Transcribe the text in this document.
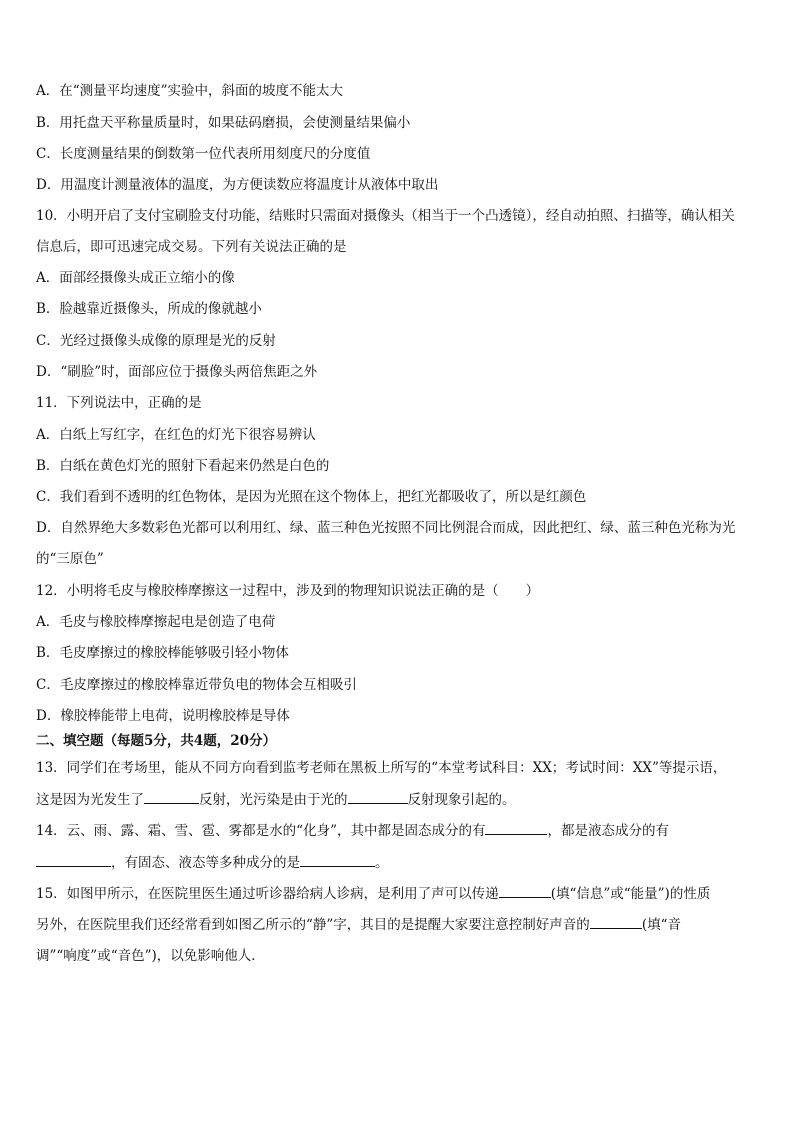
A．在“测量平均速度”实验中，斜面的坡度不能太大
B．用托盘天平称量质量时，如果砝码磨损，会使测量结果偏小
C．长度测量结果的倒数第一位代表所用刻度尺的分度值
D．用温度计测量液体的温度，为方便读数应将温度计从液体中取出
10．小明开启了支付宝刷脸支付功能，结账时只需面对摄像头（相当于一个凸透镜），经自动拍照、扫描等，确认相关
信息后，即可迅速完成交易。下列有关说法正确的是
A．面部经摄像头成正立缩小的像
B．脸越靠近摄像头，所成的像就越小
C．光经过摄像头成像的原理是光的反射
D．“刷脸”时，面部应位于摄像头两倍焦距之外
11．下列说法中，正确的是
A．白纸上写红字，在红色的灯光下很容易辨认
B．白纸在黄色灯光的照射下看起来仍然是白色的
C．我们看到不透明的红色物体，是因为光照在这个物体上，把红光都吸收了，所以是红颜色
D．自然界绝大多数彩色光都可以利用红、绿、蓝三种色光按照不同比例混合而成，因此把红、绿、蓝三种色光称为光
的“三原色”
12．小明将毛皮与橡胶棒摩擦这一过程中，涉及到的物理知识说法正确的是（　　）
A．毛皮与橡胶棒摩擦起电是创造了电荷
B．毛皮摩擦过的橡胶棒能够吸引轻小物体
C．毛皮摩擦过的橡胶棒靠近带负电的物体会互相吸引
D．橡胶棒能带上电荷，说明橡胶棒是导体
二、填空题（每题5分，共4题，20分）
13．同学们在考场里，能从不同方向看到监考老师在黑板上所写的“本堂考试科目：XX；考试时间：XX”等提示语，
这是因为光发生了	反射，光污染是由于光的	反射现象引起的。
14．云、雨、露、霜、雪、雹、雾都是水的“化身”，其中都是固态成分的有	，都是液态成分的有
，有固态、液态等多种成分的是	。
15．如图甲所示，在医院里医生通过听诊器给病人诊病，是利用了声可以传递	(填“信息”或“能量”)的性质
另外，在医院里我们还经常看到如图乙所示的“静”字，其目的是提醒大家要注意控制好声音的	(填“音
调”“响度”或“音色”)，以免影响他人．
